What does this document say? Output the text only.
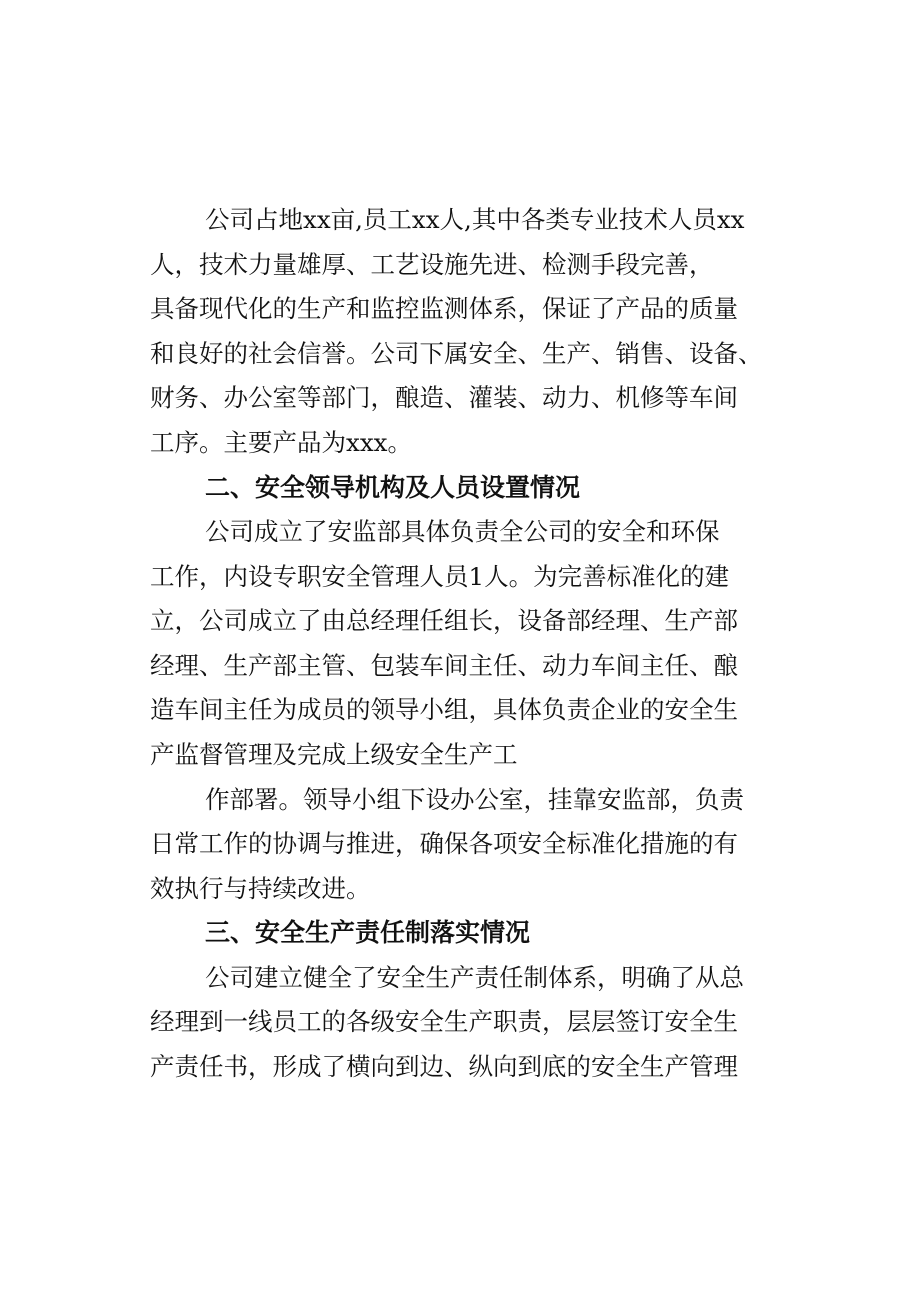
公司占地xx亩,员工xx人,其中各类专业技术人员xx

人，技术力量雄厚、工艺设施先进、检测手段完善，

具备现代化的生产和监控监测体系，保证了产品的质量

和良好的社会信誉。公司下属安全、生产、销售、设备、

财务、办公室等部门，酿造、灌装、动力、机修等车间

工序。主要产品为xxx。

二、安全领导机构及人员设置情况

公司成立了安监部具体负责全公司的安全和环保

工作，内设专职安全管理人员1人。为完善标准化的建

立，公司成立了由总经理任组长，设备部经理、生产部

经理、生产部主管、包装车间主任、动力车间主任、酿

造车间主任为成员的领导小组，具体负责企业的安全生

产监督管理及完成上级安全生产工

作部署。领导小组下设办公室，挂靠安监部，负责

日常工作的协调与推进，确保各项安全标准化措施的有

效执行与持续改进。

三、安全生产责任制落实情况

公司建立健全了安全生产责任制体系，明确了从总

经理到一线员工的各级安全生产职责，层层签订安全生

产责任书，形成了横向到边、纵向到底的安全生产管理
